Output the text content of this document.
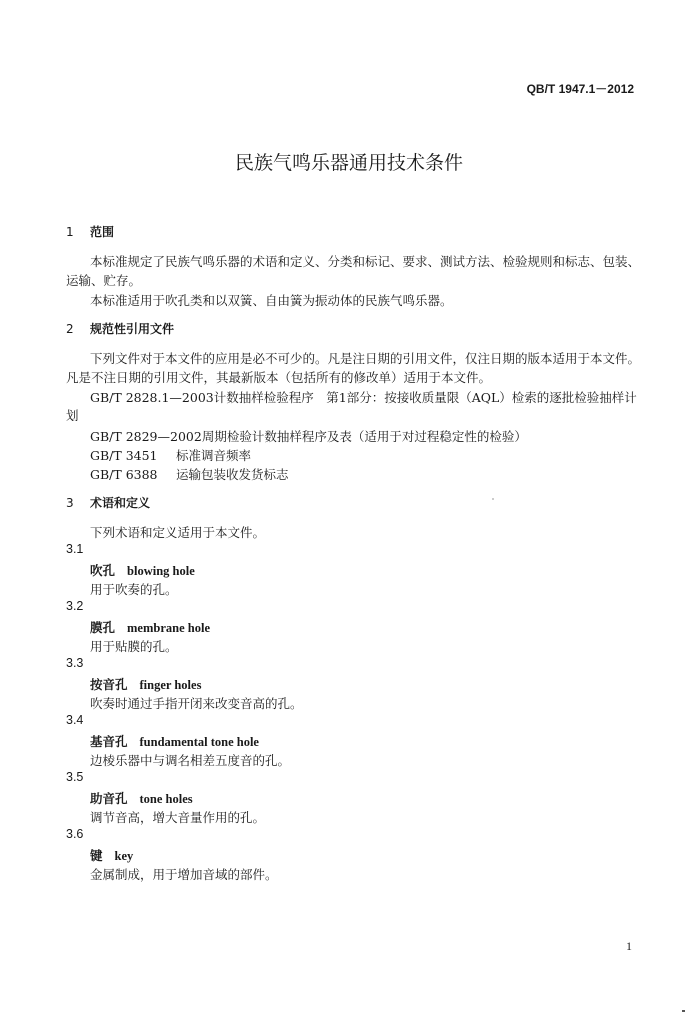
QB/T 1947.1－2012
民族气鸣乐器通用技术条件
1 范围
本标准规定了民族气鸣乐器的术语和定义、分类和标记、要求、测试方法、检验规则和标志、包装、
运输、贮存。
本标准适用于吹孔类和以双簧、自由簧为振动体的民族气鸣乐器。
2 规范性引用文件
下列文件对于本文件的应用是必不可少的。凡是注日期的引用文件，仅注日期的版本适用于本文件。
凡是不注日期的引用文件，其最新版本（包括所有的修改单）适用于本文件。
GB/T 2828.1—2003计数抽样检验程序　第1部分：按接收质量限（AQL）检索的逐批检验抽样计
划
GB/T 2829—2002周期检验计数抽样程序及表（适用于对过程稳定性的检验）
GB/T 3451 标准调音频率
GB/T 6388 运输包装收发货标志
3 术语和定义
下列术语和定义适用于本文件。
3.1
吹孔 blowing hole
用于吹奏的孔。
3.2
膜孔 membrane hole
用于贴膜的孔。
3.3
按音孔 finger holes
吹奏时通过手指开闭来改变音高的孔。
3.4
基音孔 fundamental tone hole
边棱乐器中与调名相差五度音的孔。
3.5
助音孔 tone holes
调节音高，增大音量作用的孔。
3.6
键 key
金属制成，用于增加音域的部件。
1
